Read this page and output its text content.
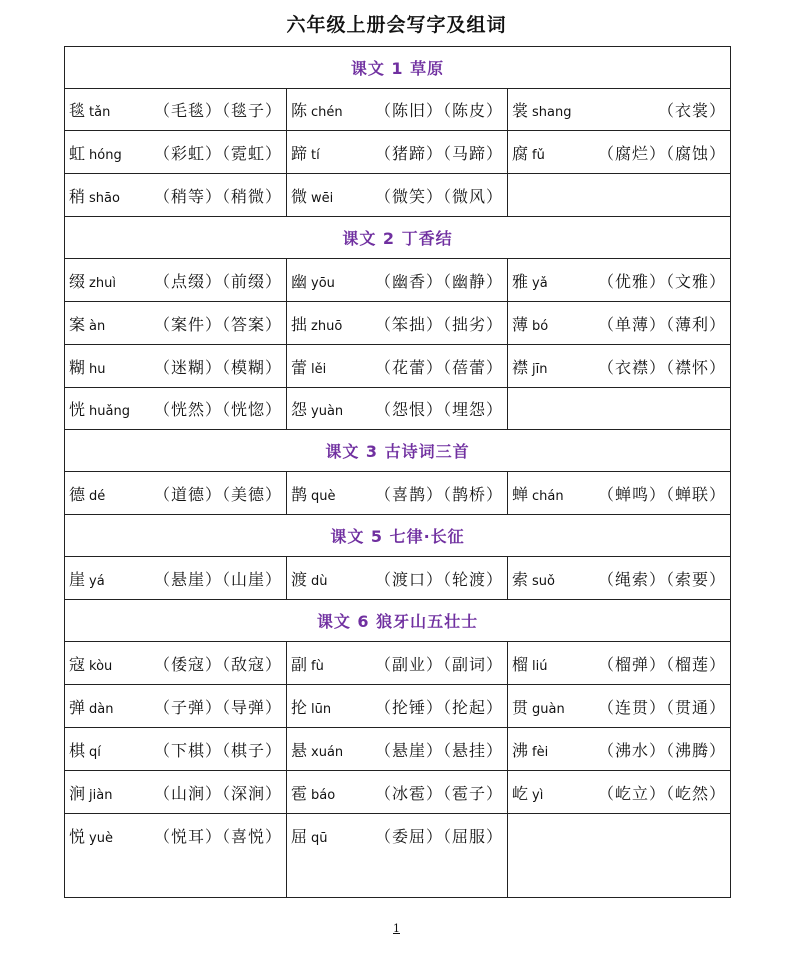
六年级上册会写字及组词
课文 1 草原		

毯 tǎn （毛毯）（毯子）	陈 chén （陈旧）（陈皮）	裳 shang （衣裳）

虹 hóng （彩虹）（霓虹）	蹄 tí （猪蹄）（马蹄）	腐 fǔ （腐烂）（腐蚀）

稍 shāo （稍等）（稍微）	微 wēi （微笑）（微风）	

课文 2 丁香结		

缀 zhuì （点缀）（前缀）	幽 yōu （幽香）（幽静）	雅 yǎ （优雅）（文雅）

案 àn （案件）（答案）	拙 zhuō （笨拙）（拙劣）	薄 bó （单薄）（薄利）

糊 hu （迷糊）（模糊）	蕾 lěi （花蕾）（蓓蕾）	襟 jīn （衣襟）（襟怀）

恍 huǎng （恍然）（恍惚）	怨 yuàn （怨恨）（埋怨）	

课文 3 古诗词三首		

德 dé （道德）（美德）	鹊 què （喜鹊）（鹊桥）	蝉 chán （蝉鸣）（蝉联）

课文 5 七律·长征		

崖 yá （悬崖）（山崖）	渡 dù （渡口）（轮渡）	索 suǒ （绳索）（索要）

课文 6 狼牙山五壮士		

寇 kòu （倭寇）（敌寇）	副 fù （副业）（副词）	榴 liú （榴弹）（榴莲）

弹 dàn （子弹）（导弹）	抡 lūn （抡锤）（抡起）	贯 guàn （连贯）（贯通）

棋 qí （下棋）（棋子）	悬 xuán （悬崖）（悬挂）	沸 fèi （沸水）（沸腾）

涧 jiàn （山涧）（深涧）	雹 báo （冰雹）（雹子）	屹 yì （屹立）（屹然）

悦 yuè （悦耳）（喜悦）	屈 qū （委屈）（屈服）	

1
